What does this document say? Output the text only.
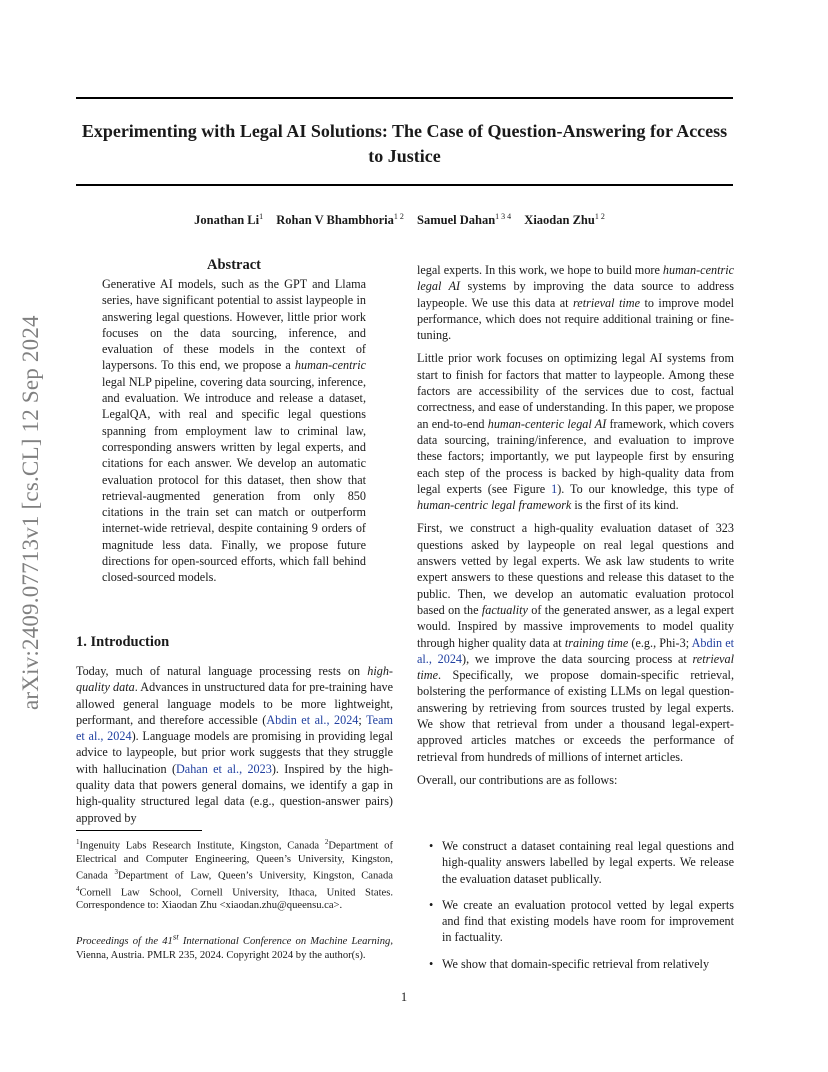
Experimenting with Legal AI Solutions: The Case of Question-Answering for Access to Justice
Jonathan Li$^1$ Rohan V Bhambhoria$^{1 2}$ Samuel Dahan$^{1 3 4}$ Xiaodan Zhu$^{1 2}$
arXiv:2409.07713v1 [cs.CL] 12 Sep 2024
Abstract

Generative AI models, such as the GPT and Llama series, have significant potential to assist laypeople in answering legal questions. However, little prior work focuses on the data sourcing, inference, and evaluation of these models in the context of laypersons. To this end, we propose a human-centric legal NLP pipeline, covering data sourcing, inference, and evaluation. We introduce and release a dataset, LegalQA, with real and specific legal questions spanning from employment law to criminal law, corresponding answers written by legal experts, and citations for each answer. We develop an automatic evaluation protocol for this dataset, then show that retrieval-augmented generation from only 850 citations in the train set can match or outperform internet-wide retrieval, despite containing 9 orders of magnitude less data. Finally, we propose future directions for open-sourced efforts, which fall behind closed-sourced models.

1. Introduction

Today, much of natural language processing rests on high-quality data. Advances in unstructured data for pre-training have allowed general language models to be more lightweight, performant, and therefore accessible (Abdin et al., 2024; Team et al., 2024). Language models are promising in providing legal advice to laypeople, but prior work suggests that they struggle with hallucination (Dahan et al., 2023). Inspired by the high-quality data that powers general domains, we identify a gap in high-quality structured legal data (e.g., question-answer pairs) approved by

$^1$Ingenuity Labs Research Institute, Kingston, Canada $^2$Department of Electrical and Computer Engineering, Queen’s University, Kingston, Canada $^3$Department of Law, Queen’s University, Kingston, Canada $^4$Cornell Law School, Cornell University, Ithaca, United States. Correspondence to: Xiaodan Zhu <xiaodan.zhu@queensu.ca>.
Proceedings of the 41st International Conference on Machine Learning, Vienna, Austria. PMLR 235, 2024. Copyright 2024 by the author(s).

legal experts. In this work, we hope to build more human-centric legal AI systems by improving the data source to address laypeople. We use this data at retrieval time to improve model performance, which does not require additional training or fine-tuning.

Little prior work focuses on optimizing legal AI systems from start to finish for factors that matter to laypeople. Among these factors are accessibility of the services due to cost, factual correctness, and ease of understanding. In this paper, we propose an end-to-end human-centeric legal AI framework, which covers data sourcing, training/inference, and evaluation to improve these factors; importantly, we put laypeople first by ensuring each step of the process is backed by high-quality data from legal experts (see Figure 1). To our knowledge, this type of human-centric legal framework is the first of its kind.

First, we construct a high-quality evaluation dataset of 323 questions asked by laypeople on real legal questions and answers vetted by legal experts. We ask law students to write expert answers to these questions and release this dataset to the public. Then, we develop an automatic evaluation protocol based on the factuality of the generated answer, as a legal expert would. Inspired by massive improvements to model quality through higher quality data at training time (e.g., Phi-3; Abdin et al., 2024), we improve the data sourcing process at retrieval time. Specifically, we propose domain-specific retrieval, bolstering the performance of existing LLMs on legal question-answering by retrieving from sources trusted by legal experts. We show that retrieval from under a thousand legal-expert-approved articles matches or exceeds the performance of retrieval from hundreds of millions of internet articles.

Overall, our contributions are as follows:

• We construct a dataset containing real legal questions and high-quality answers labelled by legal experts. We release the evaluation dataset publically.
• We create an evaluation protocol vetted by legal experts and find that existing models have room for improvement in factuality.
• We show that domain-specific retrieval from relatively
1
